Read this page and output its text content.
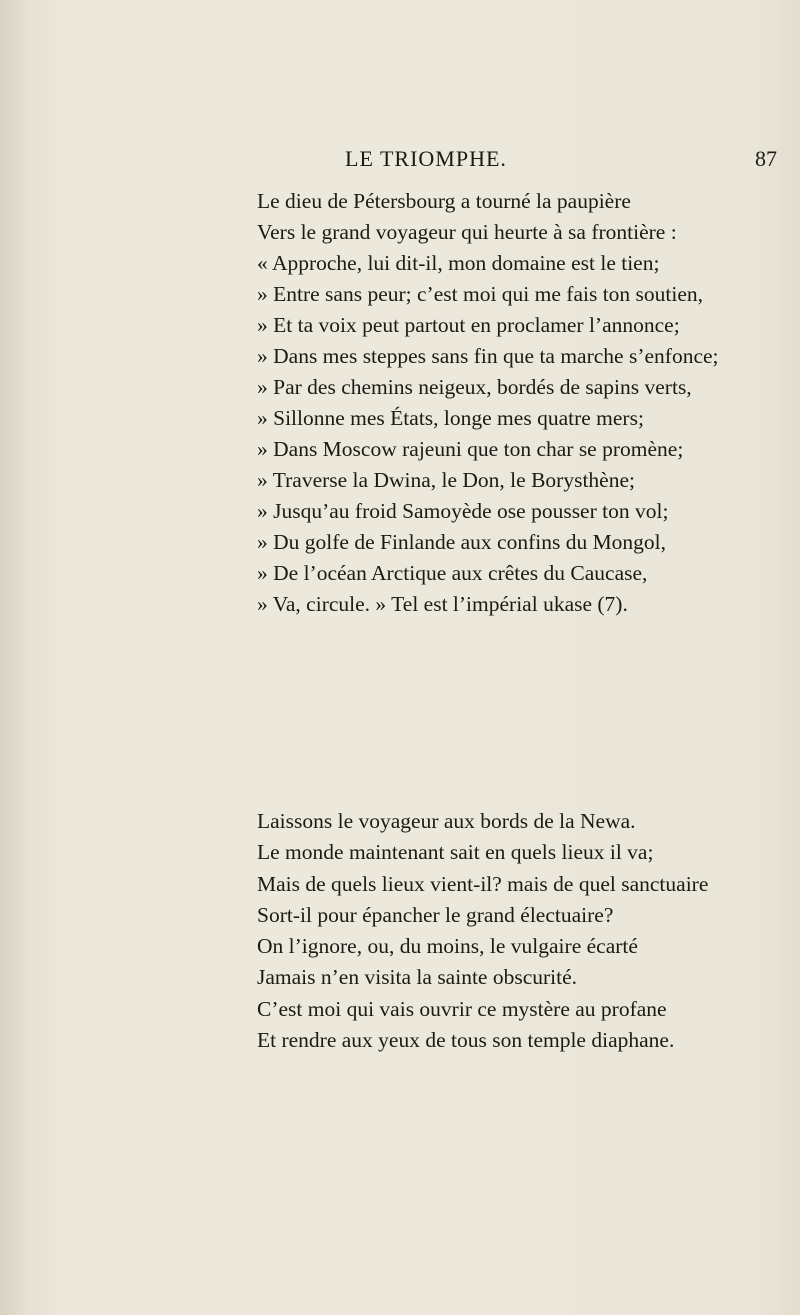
LE TRIOMPHE.	87
Le dieu de Pétersbourg a tourné la paupière
Vers le grand voyageur qui heurte à sa frontière :
« Approche, lui dit-il, mon domaine est le tien;
» Entre sans peur; c’est moi qui me fais ton soutien,
» Et ta voix peut partout en proclamer l’annonce;
» Dans mes steppes sans fin que ta marche s’enfonce;
» Par des chemins neigeux, bordés de sapins verts,
» Sillonne mes États, longe mes quatre mers;
» Dans Moscow rajeuni que ton char se promène;
» Traverse la Dwina, le Don, le Borysthène;
» Jusqu’au froid Samoyède ose pousser ton vol;
» Du golfe de Finlande aux confins du Mongol,
» De l’océan Arctique aux crêtes du Caucase,
» Va, circule. » Tel est l’impérial ukase (7).
Laissons le voyageur aux bords de la Newa.
Le monde maintenant sait en quels lieux il va;
Mais de quels lieux vient-il? mais de quel sanctuaire
Sort-il pour épancher le grand électuaire?
On l’ignore, ou, du moins, le vulgaire écarté
Jamais n’en visita la sainte obscurité.
C’est moi qui vais ouvrir ce mystère au profane
Et rendre aux yeux de tous son temple diaphane.
